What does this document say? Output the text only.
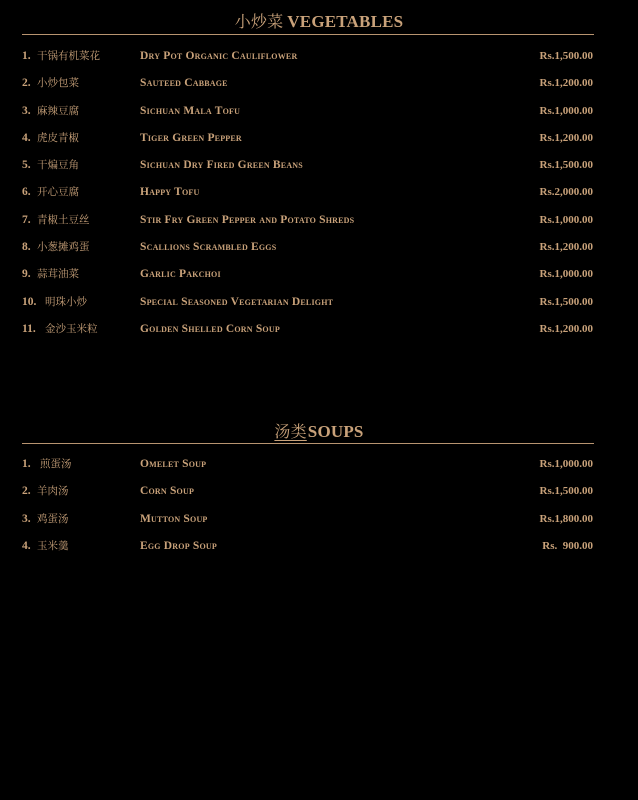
小炒菜 VEGETABLES
1. 干锅有机菜花	Dry Pot Organic Cauliflower	Rs.1,500.00
2. 小炒包菜	Sauteed Cabbage	Rs.1,200.00
3. 麻辣豆腐	Sichuan Mala Tofu	Rs.1,000.00
4. 虎皮青椒	Tiger Green Pepper	Rs.1,200.00
5. 干煸豆角	Sichuan Dry Fired Green Beans	Rs.1,500.00
6. 开心豆腐	Happy Tofu	Rs.2,000.00
7. 青椒土豆丝	Stir Fry Green Pepper and Potato Shreds	Rs.1,000.00
8. 小葱摊鸡蛋	Scallions Scrambled Eggs	Rs.1,200.00
9. 蒜茸油菜	Garlic Pakchoi	Rs.1,000.00
10. 明珠小炒	Special Seasoned Vegetarian Delight	Rs.1,500.00
11. 金沙玉米粒	Golden Shelled Corn Soup	Rs.1,200.00
汤类SOUPS
1. 煎蛋汤	Omelet Soup	Rs.1,000.00
2. 羊肉汤	Corn Soup	Rs.1,500.00
3. 鸡蛋汤	Mutton Soup	Rs.1,800.00
4. 玉米羹	Egg Drop Soup	Rs.  900.00
